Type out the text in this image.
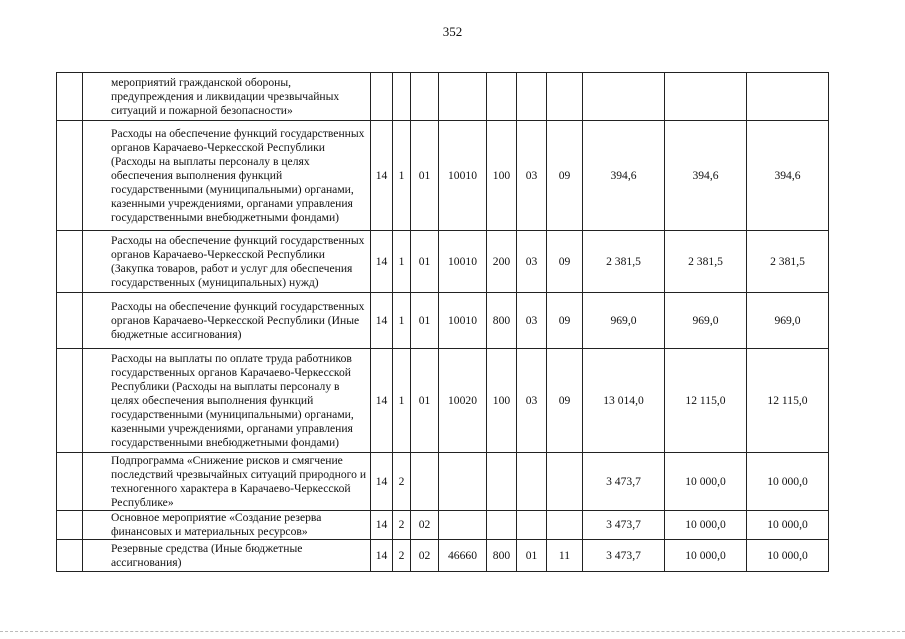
352
	мероприятий гражданской обороны, предупреждения и ликвидации чрезвычайных ситуаций и пожарной безопасности»										
	Расходы на обеспечение функций государственных органов Карачаево-Черкесской Республики (Расходы на выплаты персоналу в целях обеспечения выполнения функций государственными (муниципальными) органами, казенными учреждениями, органами управления государственными внебюджетными фондами)	14	1	01	10010	100	03	09	394,6	394,6	394,6
	Расходы на обеспечение функций государственных органов Карачаево-Черкесской Республики (Закупка товаров, работ и услуг для обеспечения государственных (муниципальных) нужд)	14	1	01	10010	200	03	09	2 381,5	2 381,5	2 381,5
	Расходы на обеспечение функций государственных органов Карачаево-Черкесской Республики (Иные бюджетные ассигнования)	14	1	01	10010	800	03	09	969,0	969,0	969,0
	Расходы на выплаты по оплате труда работников государственных органов Карачаево-Черкесской Республики (Расходы на выплаты персоналу в целях обеспечения выполнения функций государственными (муниципальными) органами, казенными учреждениями, органами управления государственными внебюджетными фондами)	14	1	01	10020	100	03	09	13 014,0	12 115,0	12 115,0
	Подпрограмма «Снижение рисков и смягчение последствий чрезвычайных ситуаций природного и техногенного характера в Карачаево-Черкесской Республике»	14	2						3 473,7	10 000,0	10 000,0
	Основное мероприятие «Создание резерва финансовых и материальных ресурсов»	14	2	02					3 473,7	10 000,0	10 000,0
	Резервные средства (Иные бюджетные ассигнования)	14	2	02	46660	800	01	11	3 473,7	10 000,0	10 000,0
